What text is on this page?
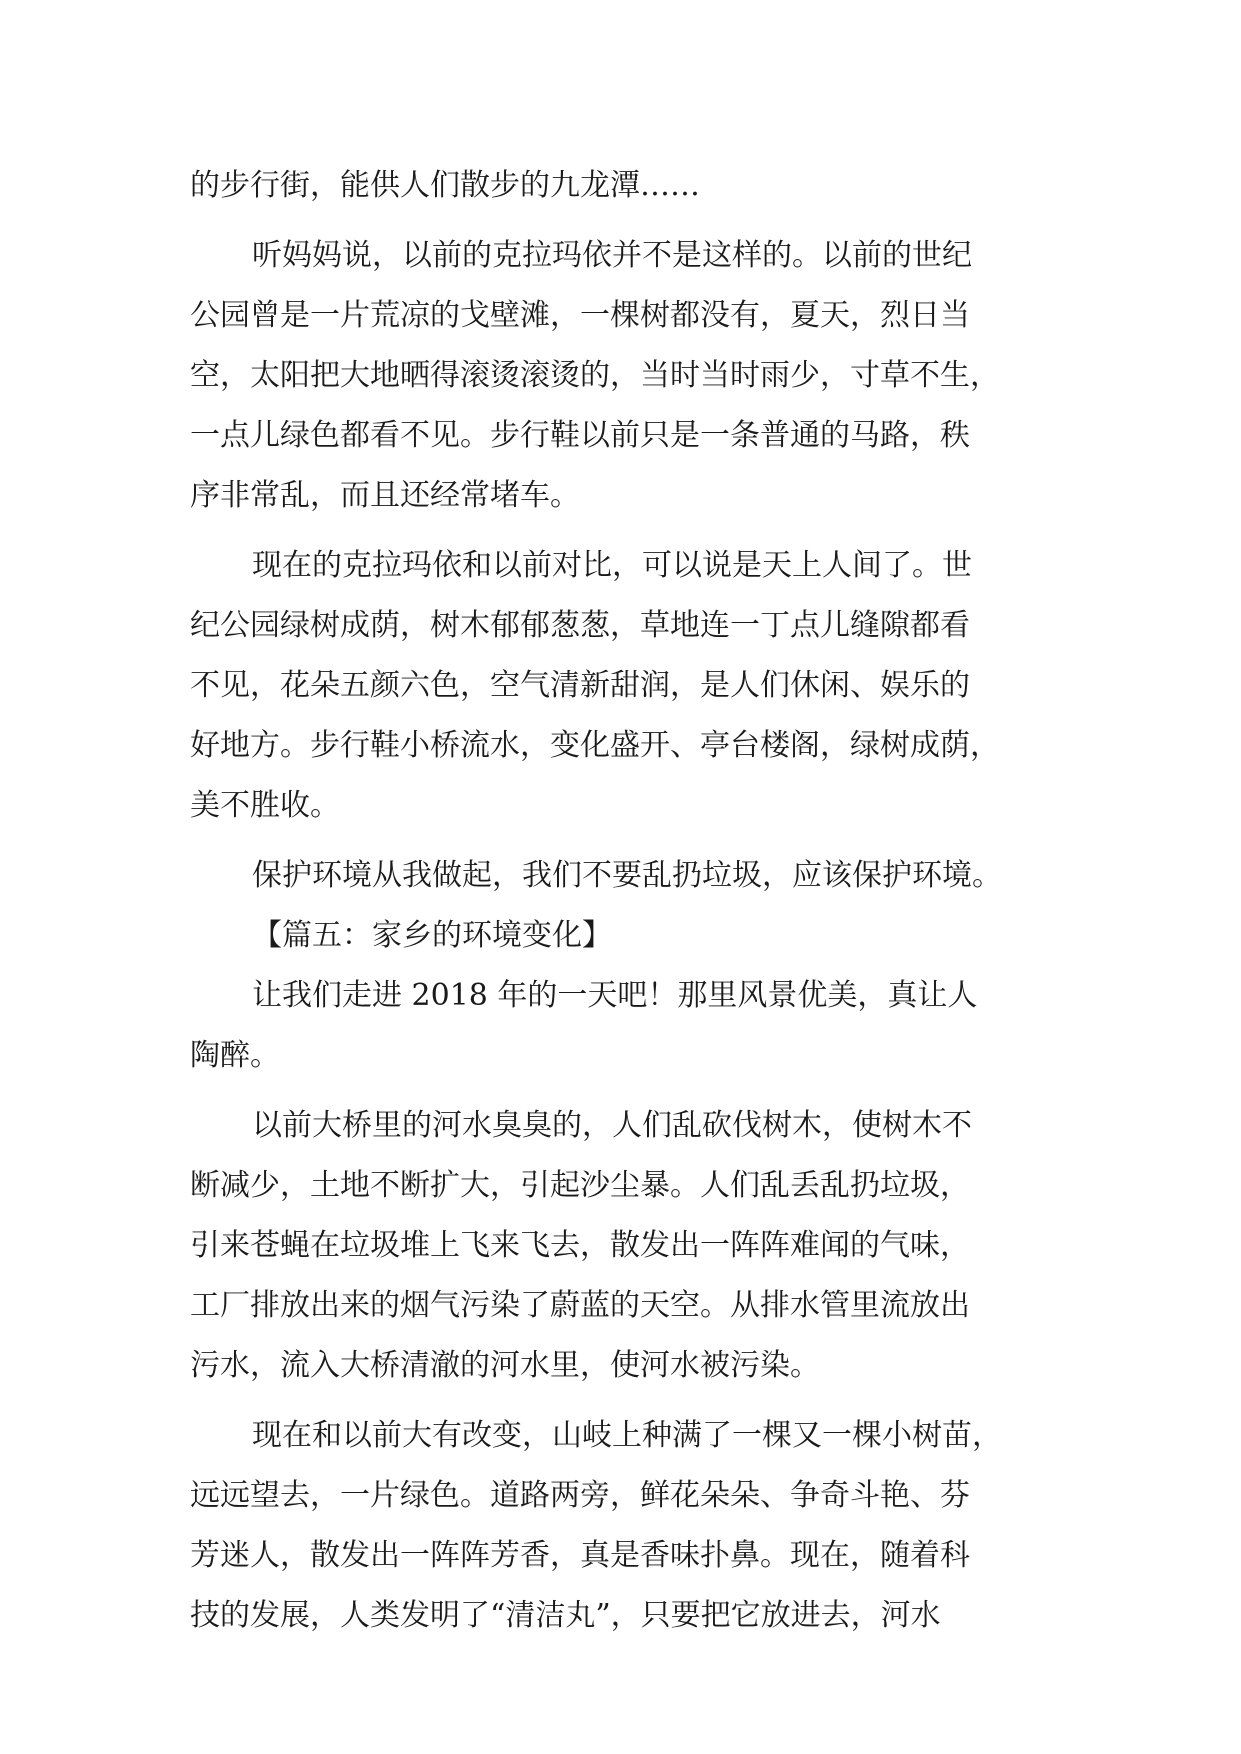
的步行街，能供人们散步的九龙潭……
听妈妈说，以前的克拉玛依并不是这样的。以前的世纪
公园曾是一片荒凉的戈壁滩，一棵树都没有，夏天，烈日当
空，太阳把大地晒得滚烫滚烫的，当时当时雨少，寸草不生，
一点儿绿色都看不见。步行鞋以前只是一条普通的马路，秩
序非常乱，而且还经常堵车。
现在的克拉玛依和以前对比，可以说是天上人间了。世
纪公园绿树成荫，树木郁郁葱葱，草地连一丁点儿缝隙都看
不见，花朵五颜六色，空气清新甜润，是人们休闲、娱乐的
好地方。步行鞋小桥流水，变化盛开、亭台楼阁，绿树成荫，
美不胜收。
保护环境从我做起，我们不要乱扔垃圾，应该保护环境。
【篇五：家乡的环境变化】
让我们走进 2018 年的一天吧！那里风景优美，真让人
陶醉。
以前大桥里的河水臭臭的，人们乱砍伐树木，使树木不
断减少，土地不断扩大，引起沙尘暴。人们乱丢乱扔垃圾，
引来苍蝇在垃圾堆上飞来飞去，散发出一阵阵难闻的气味，
工厂排放出来的烟气污染了蔚蓝的天空。从排水管里流放出
污水，流入大桥清澈的河水里，使河水被污染。
现在和以前大有改变，山岐上种满了一棵又一棵小树苗，
远远望去，一片绿色。道路两旁，鲜花朵朵、争奇斗艳、芬
芳迷人，散发出一阵阵芳香，真是香味扑鼻。现在，随着科
技的发展，人类发明了“清洁丸”，只要把它放进去，河水
